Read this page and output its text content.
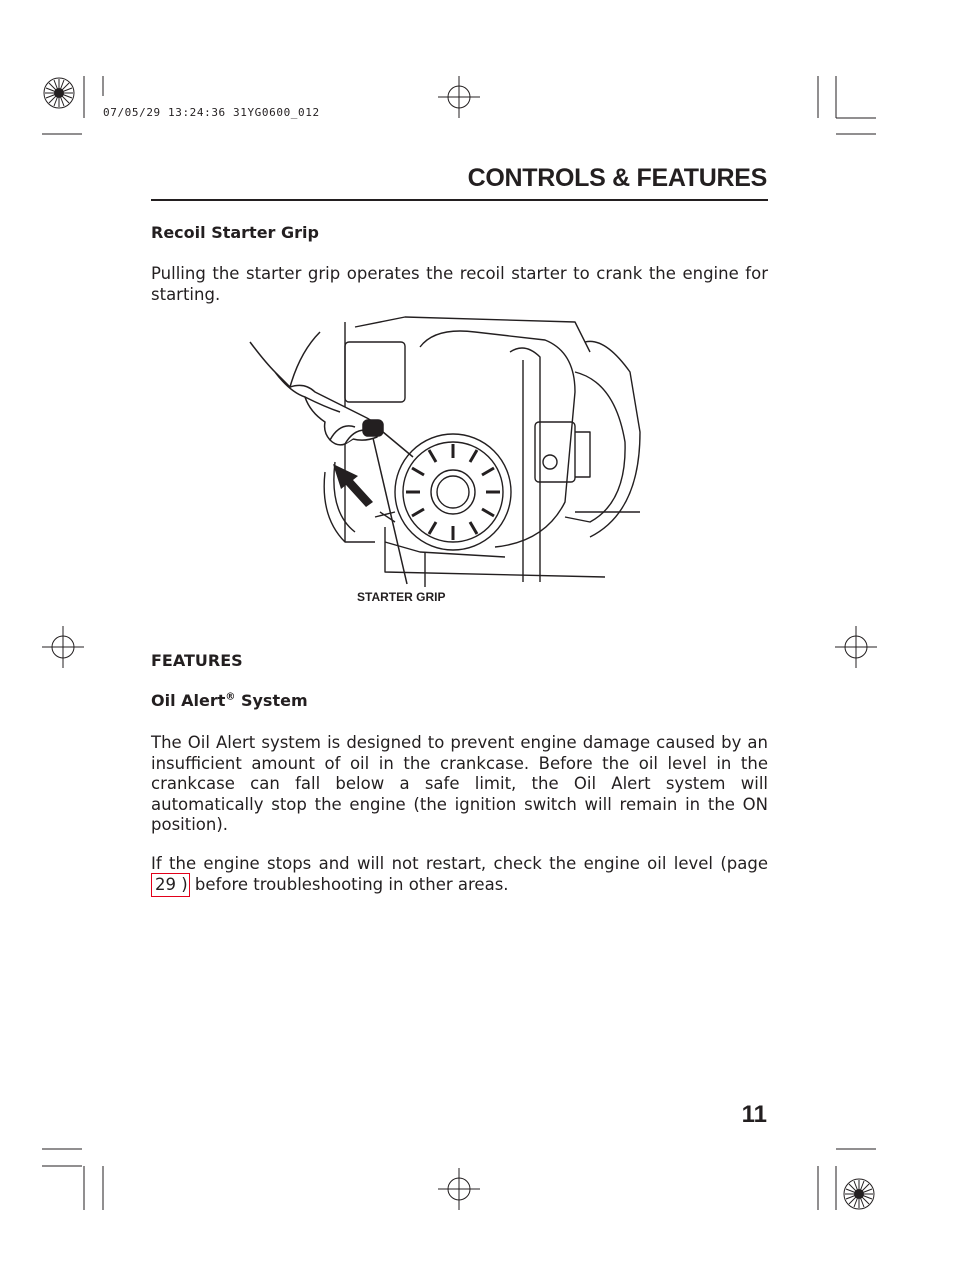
07/05/29 13:24:36 31YG0600_012
CONTROLS & FEATURES
Recoil Starter Grip
Pulling the starter grip operates the recoil starter to crank the engine for starting.
STARTER GRIP
FEATURES
Oil Alert® System
The Oil Alert system is designed to prevent engine damage caused by an insufficient amount of oil in the crankcase. Before the oil level in the crankcase can fall below a safe limit, the Oil Alert system will automatically stop the engine (the ignition switch will remain in the ON position).
If the engine stops and will not restart, check the engine oil level (page 29 ) before troubleshooting in other areas.
11
